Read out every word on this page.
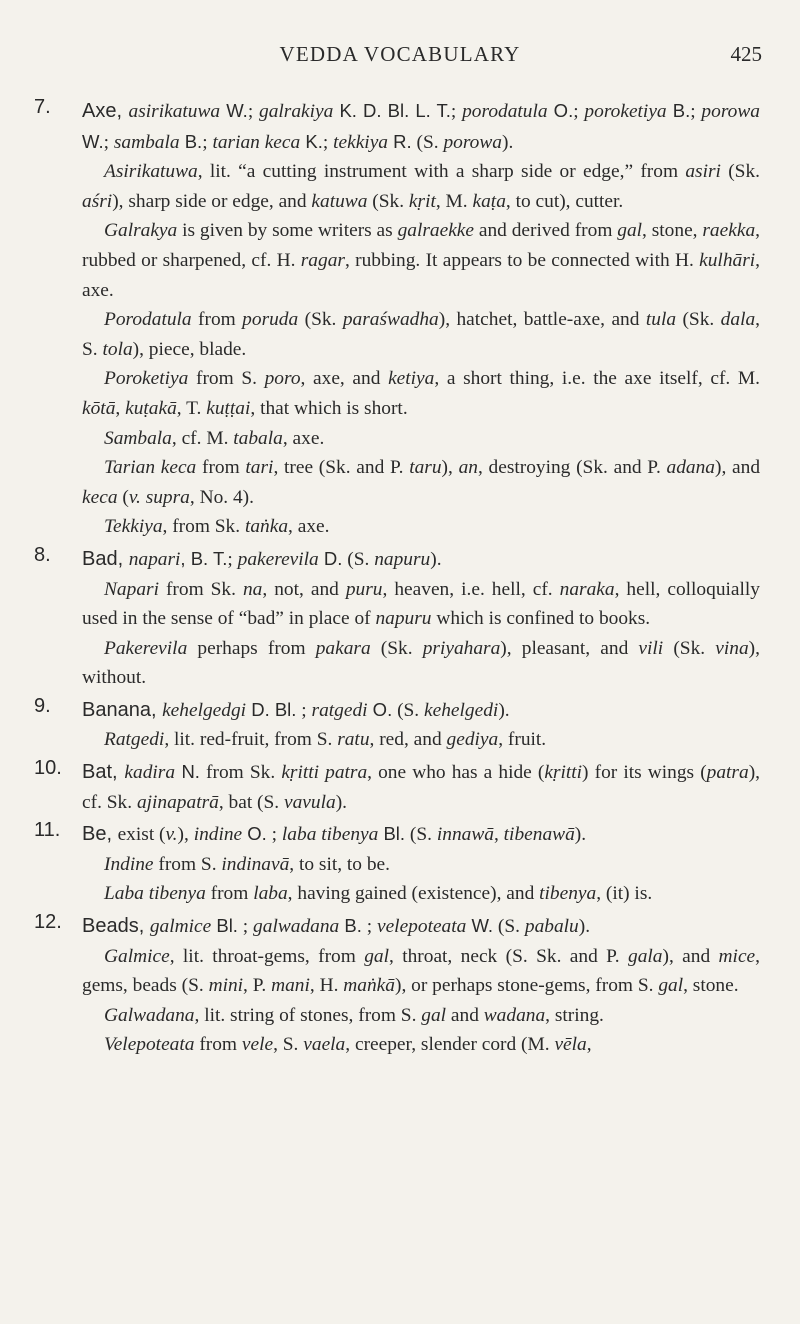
VEDDA VOCABULARY	425
7.	Axe, asirikatuwa W.; galrakiya K. D. Bl. L. T.; porodatula O.; poroketiya B.; porowa W.; sambala B.; tarian keca K.; tekkiya R. (S. porowa).

Asirikatuwa, lit. “a cutting instrument with a sharp side or edge,” from asiri (Sk. aśri), sharp side or edge, and katuwa (Sk. kṛit, M. kaṭa, to cut), cutter.

Galrakya is given by some writers as galraekke and derived from gal, stone, raekka, rubbed or sharpened, cf. H. ragar, rubbing. It appears to be connected with H. kulhāri, axe.

Porodatula from poruda (Sk. paraśwadha), hatchet, battle-axe, and tula (Sk. dala, S. tola), piece, blade.

Poroketiya from S. poro, axe, and ketiya, a short thing, i.e. the axe itself, cf. M. kōtā, kuṭakā, T. kuṭṭai, that which is short.

Sambala, cf. M. tabala, axe.

Tarian keca from tari, tree (Sk. and P. taru), an, destroying (Sk. and P. adana), and keca (v. supra, No. 4).

Tekkiya, from Sk. taṅka, axe.

8.	Bad, napari, B. T.; pakerevila D. (S. napuru).

Napari from Sk. na, not, and puru, heaven, i.e. hell, cf. naraka, hell, colloquially used in the sense of “bad” in place of napuru which is confined to books.

Pakerevila perhaps from pakara (Sk. priyahara), pleasant, and vili (Sk. vina), without.

9.	Banana, kehelgedgi D. Bl. ; ratgedi O. (S. kehelgedi).

Ratgedi, lit. red-fruit, from S. ratu, red, and gediya, fruit.

10.	Bat, kadira N. from Sk. kṛitti patra, one who has a hide (kṛitti) for its wings (patra), cf. Sk. ajinapatrā, bat (S. vavula).

11.	Be, exist (v.), indine O. ; laba tibenya Bl. (S. innawā, tibenawā).

Indine from S. indinavā, to sit, to be.

Laba tibenya from laba, having gained (existence), and tibenya, (it) is.

12.	Beads, galmice Bl. ; galwadana B. ; velepoteata W. (S. pabalu).

Galmice, lit. throat-gems, from gal, throat, neck (S. Sk. and P. gala), and mice, gems, beads (S. mini, P. mani, H. maṅkā), or perhaps stone-gems, from S. gal, stone.

Galwadana, lit. string of stones, from S. gal and wadana, string.

Velepoteata from vele, S. vaela, creeper, slender cord (M. vēla,
